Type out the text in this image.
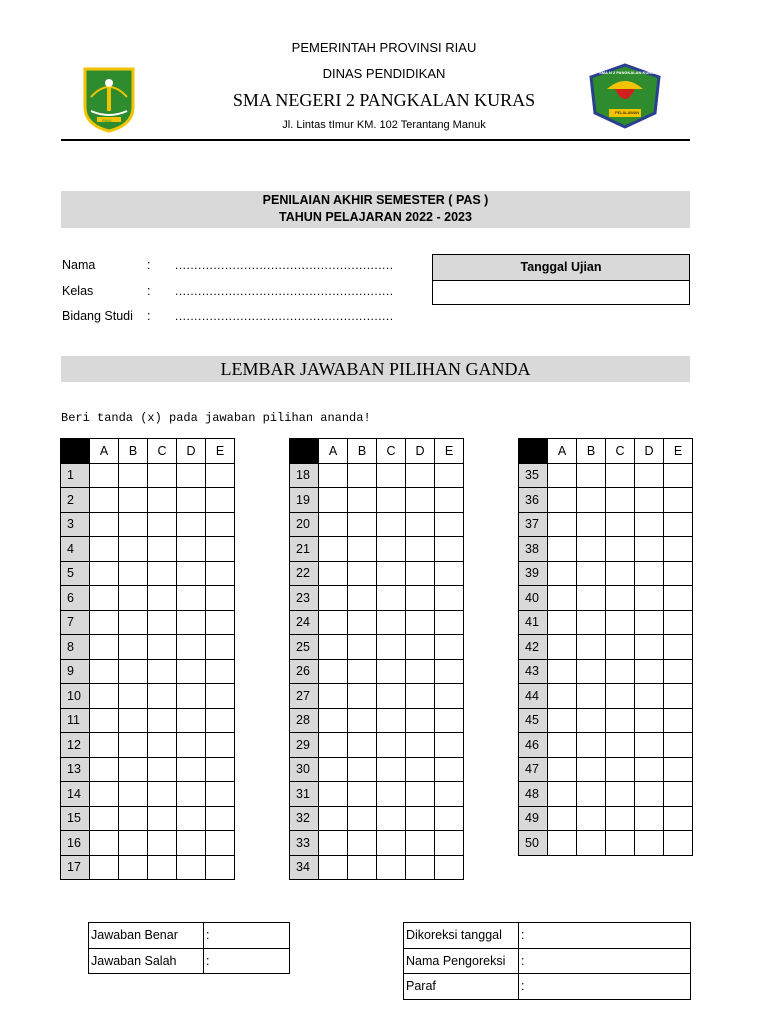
RIAU
SMA N 2 PANGKALAN KURAS
PELALAWAN
PEMERINTAH PROVINSI RIAU
DINAS PENDIDIKAN
SMA NEGERI 2 PANGKALAN KURAS
Jl. Lintas tImur KM. 102 Terantang Manuk
PENILAIAN AKHIR SEMESTER ( PAS )
TAHUN PELAJARAN 2022 - 2023
Nama	: .........................................................
Kelas	: .........................................................
Bidang Studi : .........................................................
Tanggal Ujian
LEMBAR JAWABAN PILIHAN GANDA
Beri tanda (x) pada jawaban pilihan ananda!
	A	B	C	D	E
1					
2					
3					
4					
5					
6					
7					
8					
9					
10					
11					
12					
13					
14					
15					
16					
17					
	A	B	C	D	E
18					
19					
20					
21					
22					
23					
24					
25					
26					
27					
28					
29					
30					
31					
32					
33					
34					
	A	B	C	D	E
35					
36					
37					
38					
39					
40					
41					
42					
43					
44					
45					
46					
47					
48					
49					
50					
Jawaban Benar	:
Jawaban Salah	:
Dikoreksi tanggal	:
Nama Pengoreksi	:
Paraf	:
